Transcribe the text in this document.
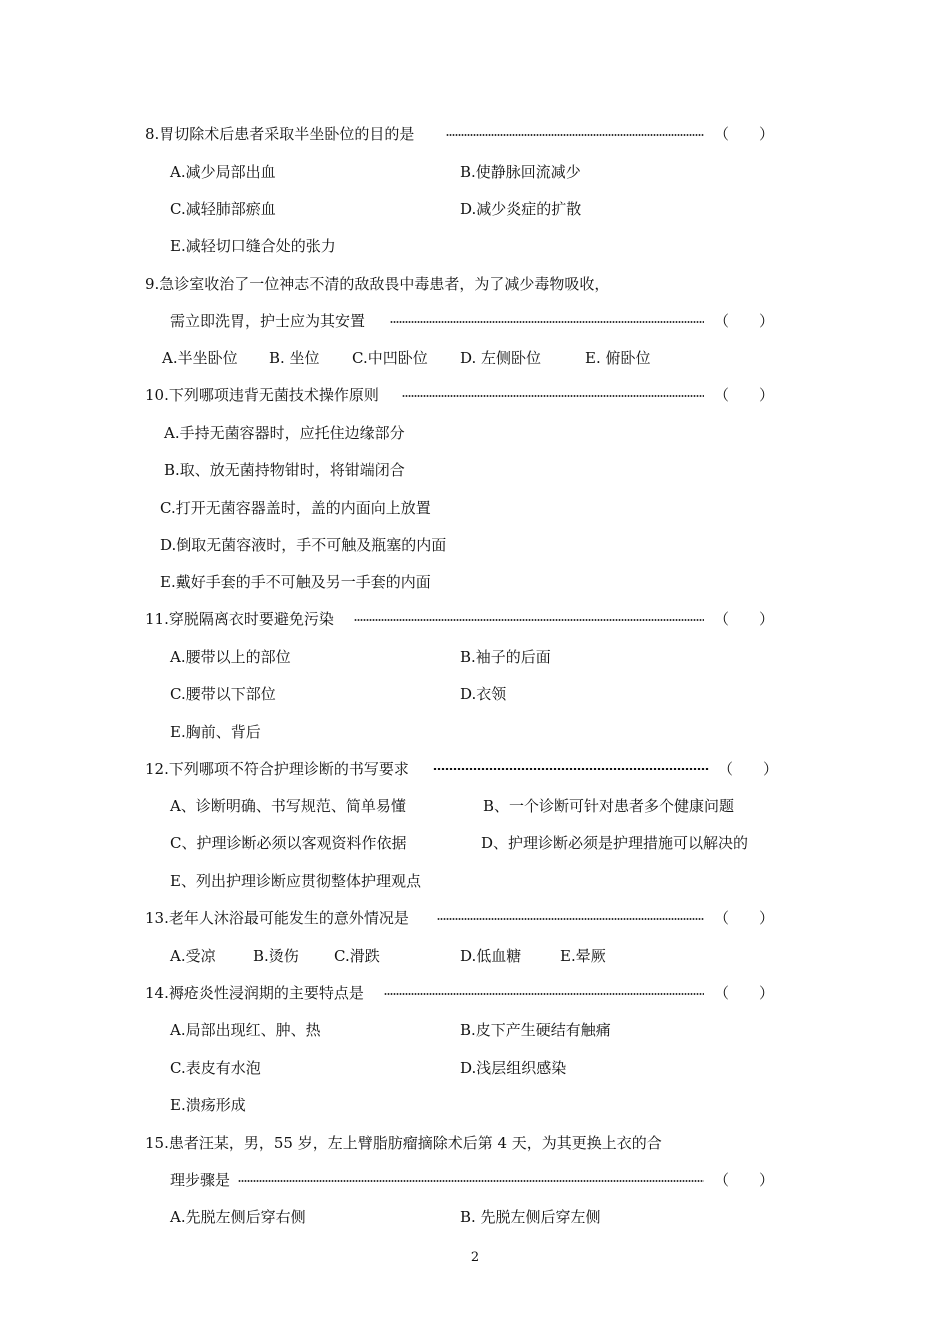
8.胃切除术后患者采取半坐卧位的目的是	（　　）
A.减少局部出血	B.使静脉回流减少
C.减轻肺部瘀血	D.减少炎症的扩散
E.减轻切口缝合处的张力
9.急诊室收治了一位神志不清的敌敌畏中毒患者，为了减少毒物吸收，
需立即洗胃，护士应为其安置	（　　）
A.半坐卧位 B. 坐位 C.中凹卧位 D. 左侧卧位	E. 俯卧位
10.下列哪项违背无菌技术操作原则	（　　）
A.手持无菌容器时，应托住边缘部分
B.取、放无菌持物钳时，将钳端闭合
C.打开无菌容器盖时，盖的内面向上放置
D.倒取无菌容液时，手不可触及瓶塞的内面
E.戴好手套的手不可触及另一手套的内面
11.穿脱隔离衣时要避免污染	（　　）
A.腰带以上的部位	B.袖子的后面
C.腰带以下部位	D.衣领
E.胸前、背后
12.下列哪项不符合护理诊断的书写要求	（　　）
A、诊断明确、书写规范、简单易懂	B、一个诊断可针对患者多个健康问题
C、护理诊断必须以客观资料作依据	D、护理诊断必须是护理措施可以解决的
E、列出护理诊断应贯彻整体护理观点
13.老年人沐浴最可能发生的意外情况是	（　　）
A.受凉 B.烫伤 C.滑跌	D.低血糖	E.晕厥
14.褥疮炎性浸润期的主要特点是	（　　）
A.局部出现红、肿、热	B.皮下产生硬结有触痛
C.表皮有水泡	D.浅层组织感染
E.溃疡形成
15.患者汪某，男，55 岁，左上臂脂肪瘤摘除术后第 4 天，为其更换上衣的合
理步骤是	（　　）
A.先脱左侧后穿右侧	B. 先脱左侧后穿左侧
2
